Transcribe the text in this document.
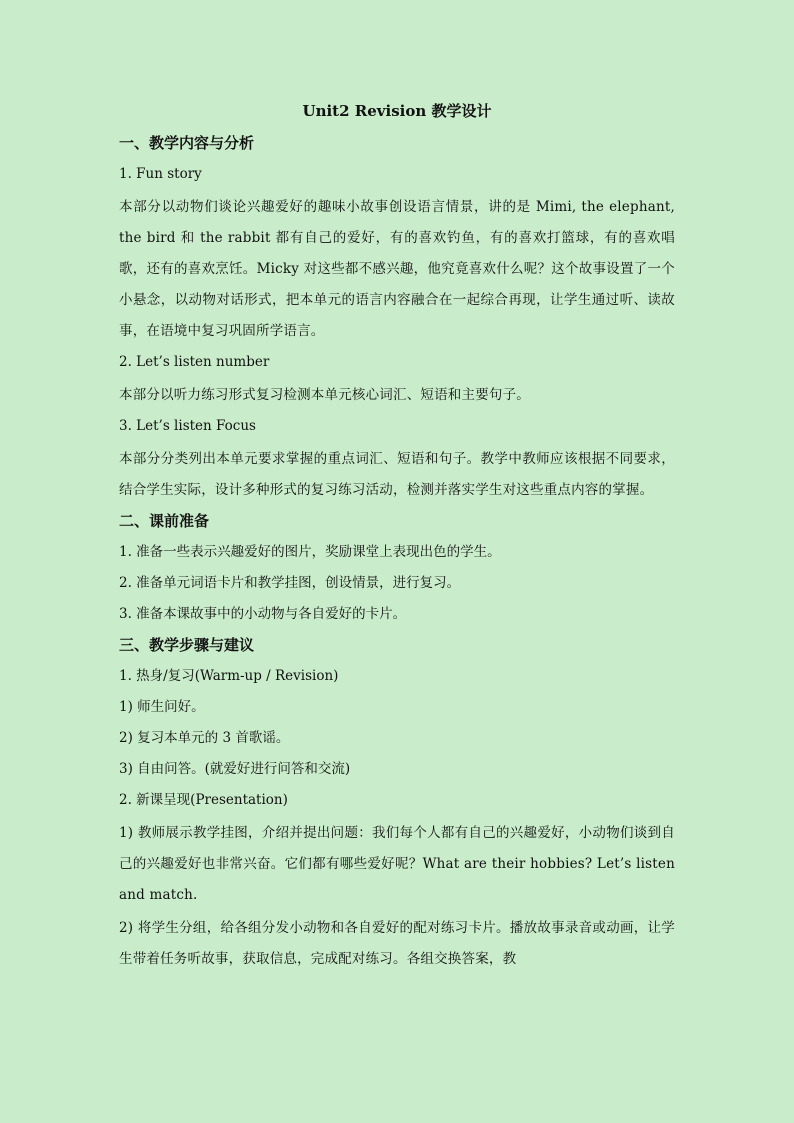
Unit2 Revision 教学设计
一、教学内容与分析
1. Fun story
本部分以动物们谈论兴趣爱好的趣味小故事创设语言情景，讲的是 Mimi, the elephant, the bird 和 the rabbit 都有自己的爱好，有的喜欢钓鱼，有的喜欢打篮球，有的喜欢唱歌，还有的喜欢烹饪。Micky 对这些都不感兴趣，他究竟喜欢什么呢？这个故事设置了一个小悬念，以动物对话形式，把本单元的语言内容融合在一起综合再现，让学生通过听、读故事，在语境中复习巩固所学语言。
2. Let’s listen number
本部分以听力练习形式复习检测本单元核心词汇、短语和主要句子。
3. Let’s listen Focus
本部分分类列出本单元要求掌握的重点词汇、短语和句子。教学中教师应该根据不同要求，结合学生实际，设计多种形式的复习练习活动，检测并落实学生对这些重点内容的掌握。
二、课前准备
1. 准备一些表示兴趣爱好的图片，奖励课堂上表现出色的学生。
2. 准备单元词语卡片和教学挂图，创设情景，进行复习。
3. 准备本课故事中的小动物与各自爱好的卡片。
三、教学步骤与建议
1. 热身/复习(Warm-up / Revision)
1) 师生问好。
2) 复习本单元的 3 首歌谣。
3) 自由问答。(就爱好进行问答和交流)
2. 新课呈现(Presentation)
1) 教师展示教学挂图，介绍并提出问题：我们每个人都有自己的兴趣爱好，小动物们谈到自己的兴趣爱好也非常兴奋。它们都有哪些爱好呢？What are their hobbies? Let’s listen and match.
2) 将学生分组，给各组分发小动物和各自爱好的配对练习卡片。播放故事录音或动画，让学生带着任务听故事，获取信息，完成配对练习。各组交换答案，教
